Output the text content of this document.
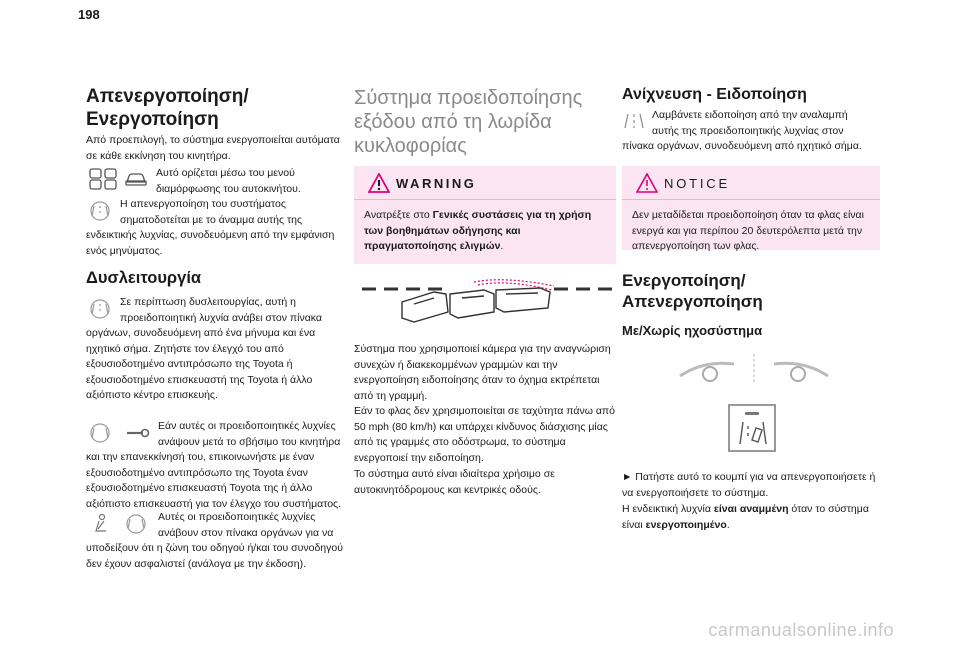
198
Απενεργοποίηση/
Ενεργοποίηση

Από προεπιλογή, το σύστημα ενεργοποιείται αυτόματα σε κάθε εκκίνηση του κινητήρα.

Αυτό ορίζεται μέσω του μενού
διαμόρφωσης του αυτοκινήτου.

Η απενεργοποίηση του συστήματος
σηματοδοτείται με το άναμμα αυτής της

ενδεικτικής λυχνίας, συνοδευόμενη από την εμφάνιση ενός μηνύματος.

Δυσλειτουργία

Σε περίπτωση δυσλειτουργίας, αυτή η
προειδοποιητική λυχνία ανάβει στον πίνακα

οργάνων, συνοδευόμενη από ένα μήνυμα και ένα ηχητικό σήμα. Ζητήστε τον έλεγχό του από εξουσιοδοτημένο αντιπρόσωπο της Toyota ή εξουσιοδοτημένο επισκευαστή της Toyota ή άλλο αξιόπιστο κέντρο επισκευής.

Εάν αυτές οι προειδοποιητικές λυχνίες
ανάψουν μετά το σβήσιμο του κινητήρα

και την επανεκκίνησή του, επικοινωνήστε με έναν εξουσιοδοτημένο αντιπρόσωπο της Toyota έναν εξουσιοδοτημένο επισκευαστή Toyota της ή άλλο αξιόπιστο επισκευαστή για τον έλεγχο του συστήματος.

Αυτές οι προειδοποιητικές λυχνίες
ανάβουν στον πίνακα οργάνων για να

υποδείξουν ότι η ζώνη του οδηγού ή/και του συνοδηγού δεν έχουν ασφαλιστεί (ανάλογα με την έκδοση).

Σύστημα προειδοποίησης
εξόδου από τη λωρίδα
κυκλοφορίας
WARNING
Ανατρέξτε στο Γενικές συστάσεις για τη χρήση των βοηθημάτων οδήγησης και πραγματοποίησης ελιγμών.

Σύστημα που χρησιμοποιεί κάμερα για την αναγνώριση συνεχών ή διακεκομμένων γραμμών και την ενεργοποίηση ειδοποίησης όταν το όχημα εκτρέπεται από τη γραμμή.

Εάν το φλας δεν χρησιμοποιείται σε ταχύτητα πάνω από 50 mph (80 km/h) και υπάρχει κίνδυνος διάσχισης μίας από τις γραμμές στο οδόστρωμα, το σύστημα ενεργοποιεί την ειδοποίηση.

Το σύστημα αυτό είναι ιδιαίτερα χρήσιμο σε αυτοκινητόδρομους και κεντρικές οδούς.

Ανίχνευση - Ειδοποίηση

Λαμβάνετε ειδοποίηση από την αναλαμπή
αυτής της προειδοποιητικής λυχνίας στον

πίνακα οργάνων, συνοδευόμενη από ηχητικό σήμα.

NOTICE
Δεν μεταδίδεται προειδοποίηση όταν τα φλας είναι ενεργά και για περίπου 20 δευτερόλεπτα μετά την απενεργοποίηση των φλας.
Ενεργοποίηση/
Απενεργοποίηση
Με/Χωρίς ηχοσύστημα

► Πατήστε αυτό το κουμπί για να απενεργοποιήσετε ή
να ενεργοποιήσετε το σύστημα.

Η ενδεικτική λυχνία είναι αναμμένη όταν το σύστημα είναι ενεργοποιημένο.

carmanualsonline.info
